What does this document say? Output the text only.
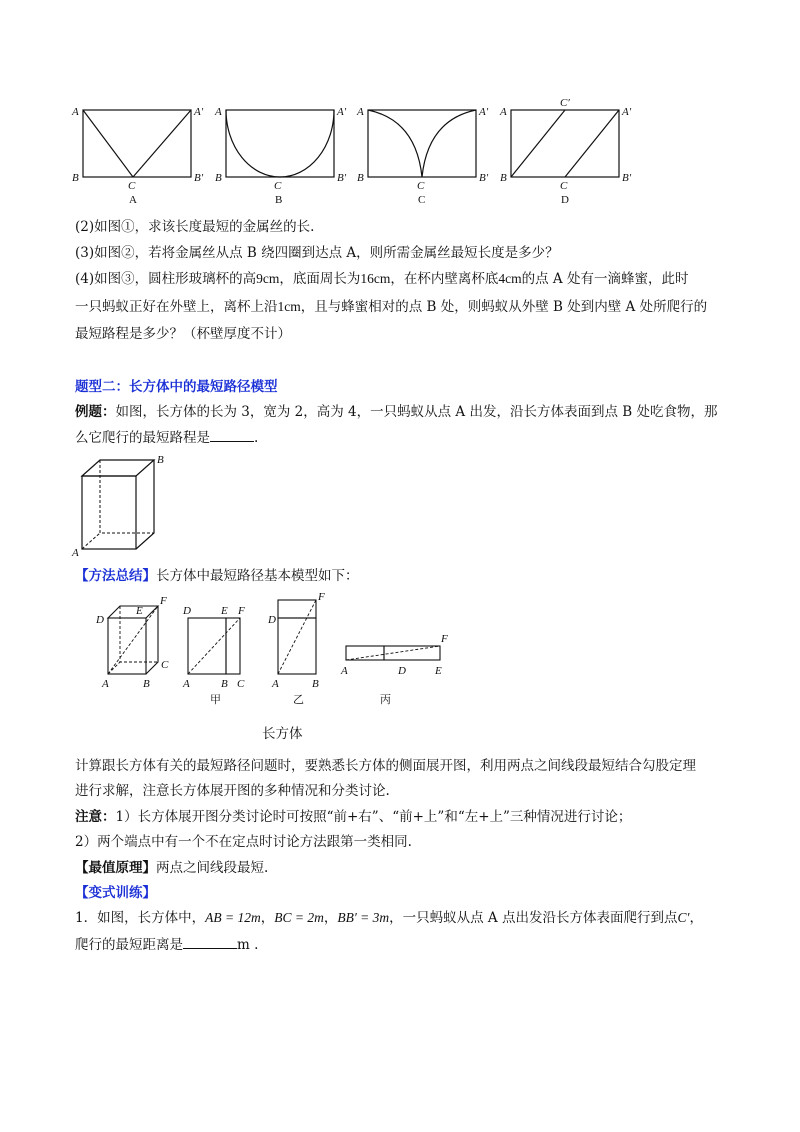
A	A′
B
C
B′
A
A	A′
B
C
B′
B
A	A′
B
C
B′
C
A
C′
A′
B
C
B′
D
(2)如图①，求该长度最短的金属丝的长.
(3)如图②，若将金属丝从点 B 绕四圈到达点 A，则所需金属丝最短长度是多少？
(4)如图③，圆柱形玻璃杯的高9cm，底面周长为16cm，在杯内壁离杯底4cm的点 A 处有一滴蜂蜜，此时
一只蚂蚁正好在外壁上，离杯上沿1cm，且与蜂蜜相对的点 B 处，则蚂蚁从外壁 B 处到内壁 A 处所爬行的
最短路程是多少？（杯壁厚度不计）
题型二：长方体中的最短路径模型
例题：如图，长方体的长为 3，宽为 2，高为 4，一只蚂蚁从点 A 出发，沿长方体表面到点 B 处吃食物，那
么它爬行的最短路程是	.
B
A
【方法总结】长方体中最短路径基本模型如下：
D
E
F
C
A	B
D	E F
A	B C
甲
F
D
A	B
乙
F
A	D	E
丙
长方体
计算跟长方体有关的最短路径问题时，要熟悉长方体的侧面展开图，利用两点之间线段最短结合勾股定理
进行求解，注意长方体展开图的多种情况和分类讨论.
注意：1）长方体展开图分类讨论时可按照“前+右”、“前+上”和“左+上”三种情况进行讨论；
2）两个端点中有一个不在定点时讨论方法跟第一类相同.
【最值原理】两点之间线段最短.
【变式训练】
1．如图，长方体中，AB = 12m，BC = 2m，BB′ = 3m，一只蚂蚁从点 A 点出发沿长方体表面爬行到点C′，
爬行的最短距离是	m .
